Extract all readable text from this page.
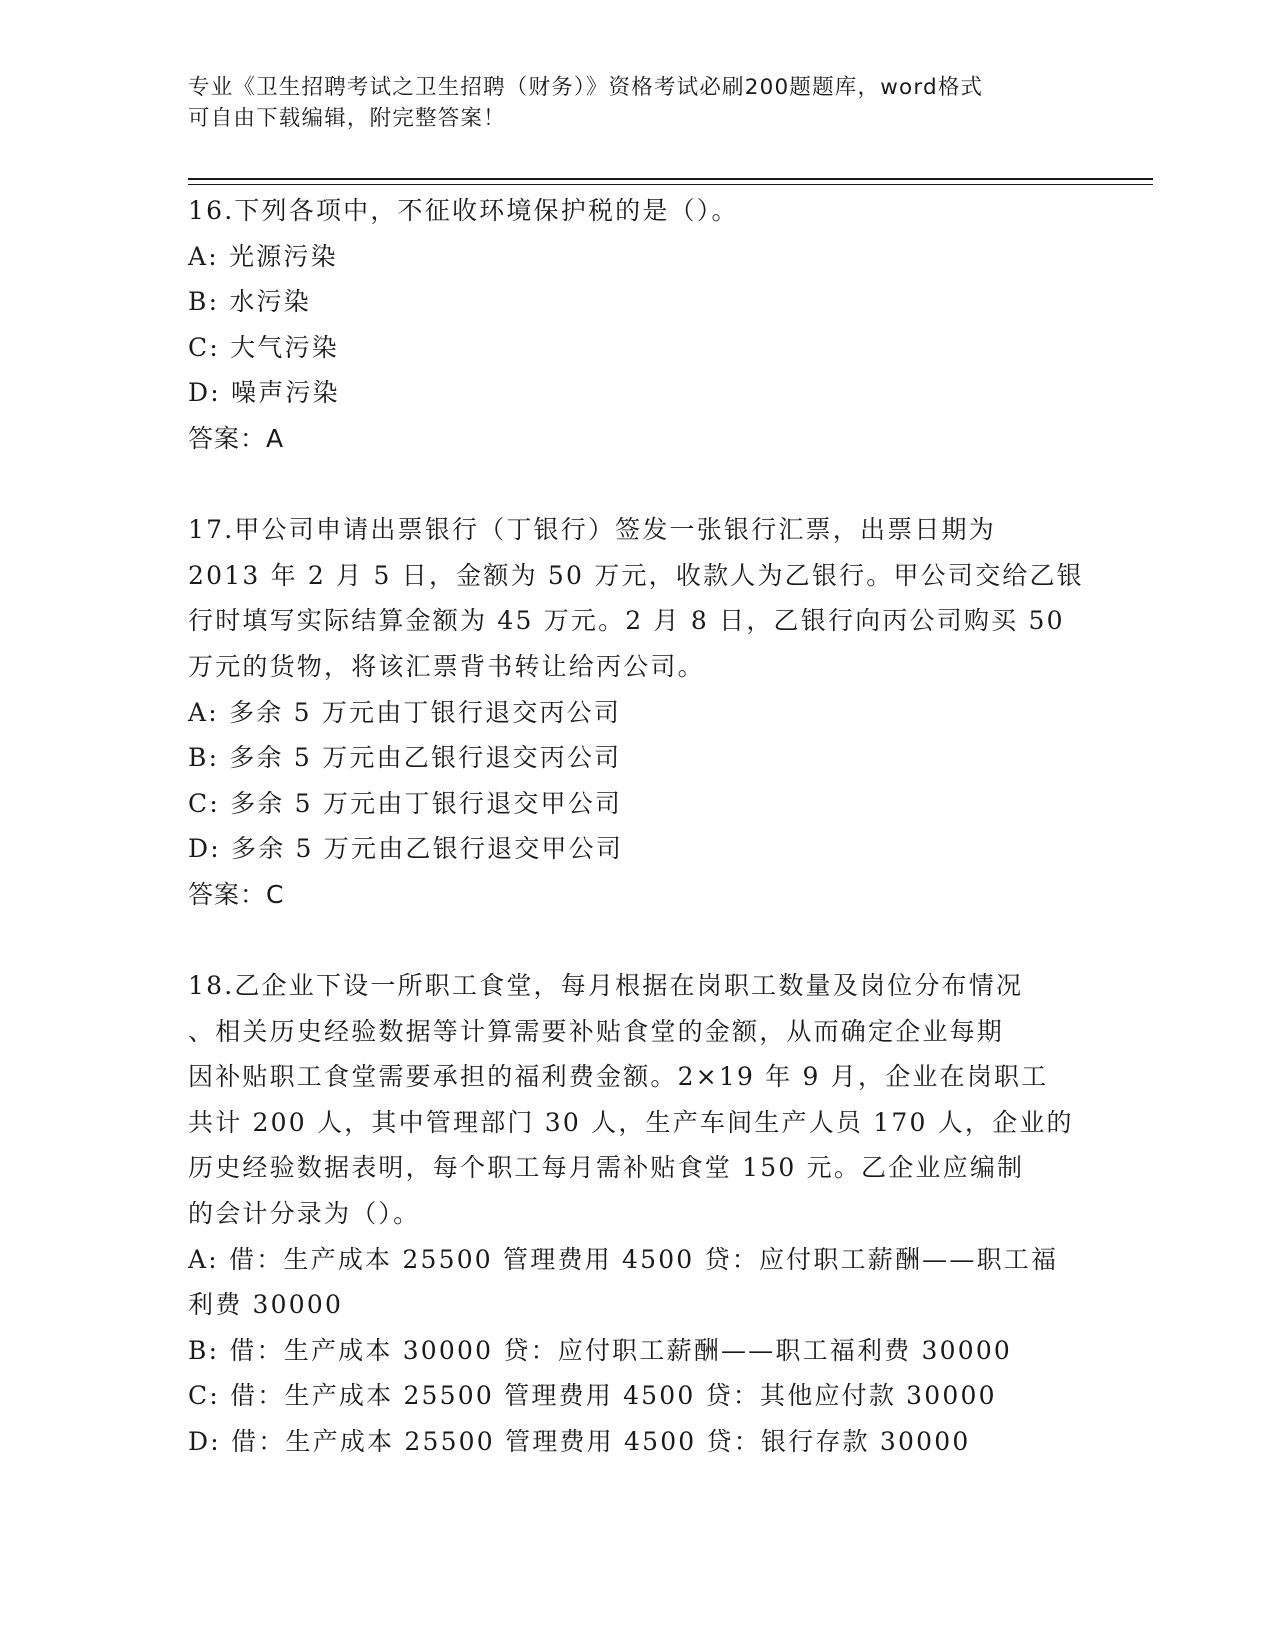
专业《卫生招聘考试之卫生招聘（财务）》资格考试必刷200题题库，word格式
可自由下载编辑，附完整答案！
16.下列各项中，不征收环境保护税的是（）。
A: 光源污染
B: 水污染
C: 大气污染
D: 噪声污染
答案：A
17.甲公司申请出票银行（丁银行）签发一张银行汇票，出票日期为
2013 年 2 月 5 日，金额为 50 万元，收款人为乙银行。甲公司交给乙银
行时填写实际结算金额为 45 万元。2 月 8 日，乙银行向丙公司购买 50
万元的货物，将该汇票背书转让给丙公司。
A: 多余 5 万元由丁银行退交丙公司
B: 多余 5 万元由乙银行退交丙公司
C: 多余 5 万元由丁银行退交甲公司
D: 多余 5 万元由乙银行退交甲公司
答案：C
18.乙企业下设一所职工食堂，每月根据在岗职工数量及岗位分布情况
、相关历史经验数据等计算需要补贴食堂的金额，从而确定企业每期
因补贴职工食堂需要承担的福利费金额。2×19 年 9 月，企业在岗职工
共计 200 人，其中管理部门 30 人，生产车间生产人员 170 人，企业的
历史经验数据表明，每个职工每月需补贴食堂 150 元。乙企业应编制
的会计分录为（）。
A: 借：生产成本 25500 管理费用 4500 贷：应付职工薪酬——职工福
利费 30000
B: 借：生产成本 30000 贷：应付职工薪酬——职工福利费 30000
C: 借：生产成本 25500 管理费用 4500 贷：其他应付款 30000
D: 借：生产成本 25500 管理费用 4500 贷：银行存款 30000
